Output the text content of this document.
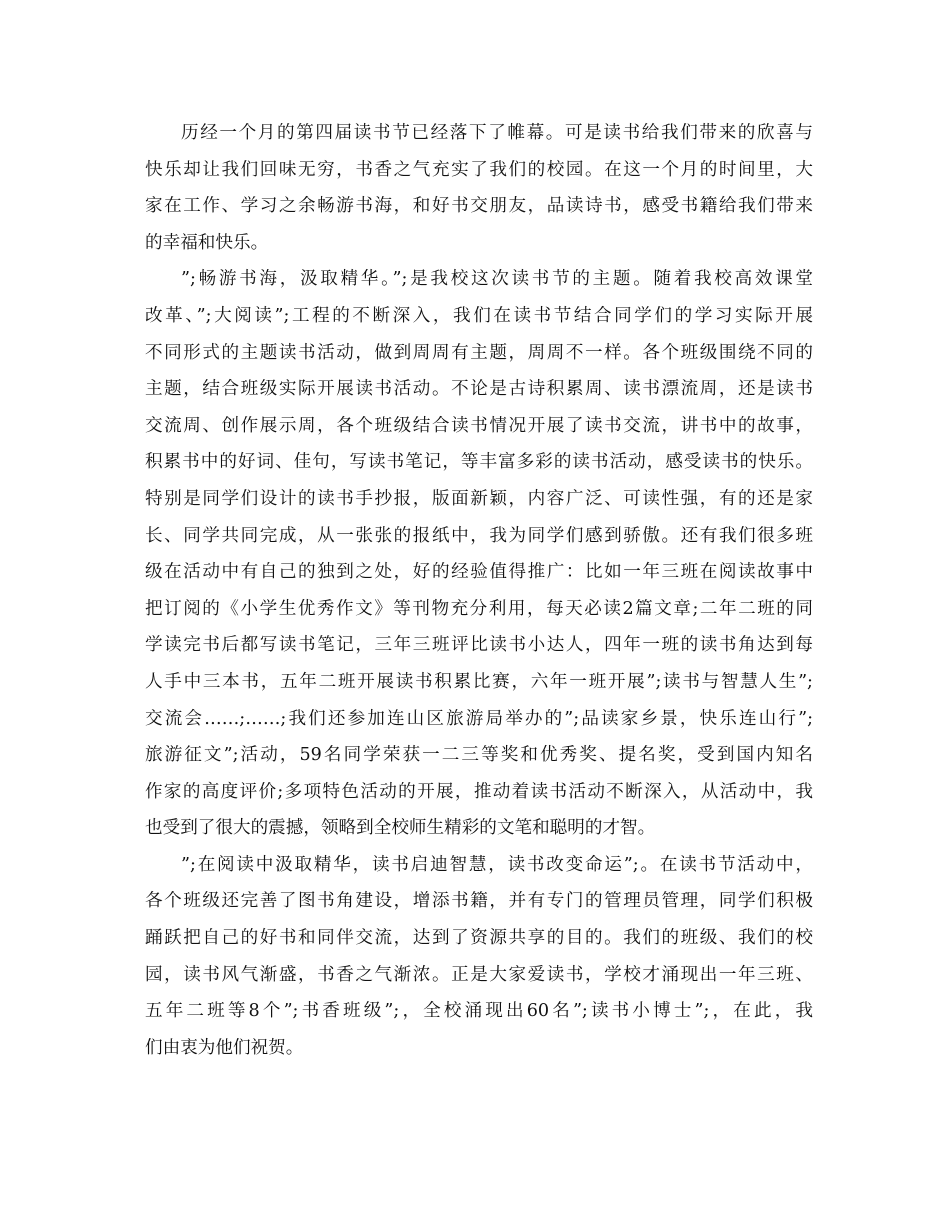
历经一个月的第四届读书节已经落下了帷幕。可是读书给我们带来的欣喜与
快乐却让我们回味无穷，书香之气充实了我们的校园。在这一个月的时间里，大
家在工作、学习之余畅游书海，和好书交朋友，品读诗书，感受书籍给我们带来
的幸福和快乐。
”;畅游书海，汲取精华。”;是我校这次读书节的主题。随着我校高效课堂
改革、”;大阅读”;工程的不断深入，我们在读书节结合同学们的学习实际开展
不同形式的主题读书活动，做到周周有主题，周周不一样。各个班级围绕不同的
主题，结合班级实际开展读书活动。不论是古诗积累周、读书漂流周，还是读书
交流周、创作展示周，各个班级结合读书情况开展了读书交流，讲书中的故事，
积累书中的好词、佳句，写读书笔记，等丰富多彩的读书活动，感受读书的快乐。
特别是同学们设计的读书手抄报，版面新颖，内容广泛、可读性强，有的还是家
长、同学共同完成，从一张张的报纸中，我为同学们感到骄傲。还有我们很多班
级在活动中有自己的独到之处，好的经验值得推广：比如一年三班在阅读故事中
把订阅的《小学生优秀作文》等刊物充分利用，每天必读2篇文章;二年二班的同
学读完书后都写读书笔记，三年三班评比读书小达人，四年一班的读书角达到每
人手中三本书，五年二班开展读书积累比赛，六年一班开展”;读书与智慧人生”;
交流会……;……;我们还参加连山区旅游局举办的”;品读家乡景，快乐连山行”;
旅游征文”;活动，59名同学荣获一二三等奖和优秀奖、提名奖，受到国内知名
作家的高度评价;多项特色活动的开展，推动着读书活动不断深入，从活动中，我
也受到了很大的震撼，领略到全校师生精彩的文笔和聪明的才智。
”;在阅读中汲取精华，读书启迪智慧，读书改变命运”;。在读书节活动中，
各个班级还完善了图书角建设，增添书籍，并有专门的管理员管理，同学们积极
踊跃把自己的好书和同伴交流，达到了资源共享的目的。我们的班级、我们的校
园，读书风气渐盛，书香之气渐浓。正是大家爱读书，学校才涌现出一年三班、
五年二班等8个”;书香班级”;，全校涌现出60名”;读书小博士”;，在此，我
们由衷为他们祝贺。
